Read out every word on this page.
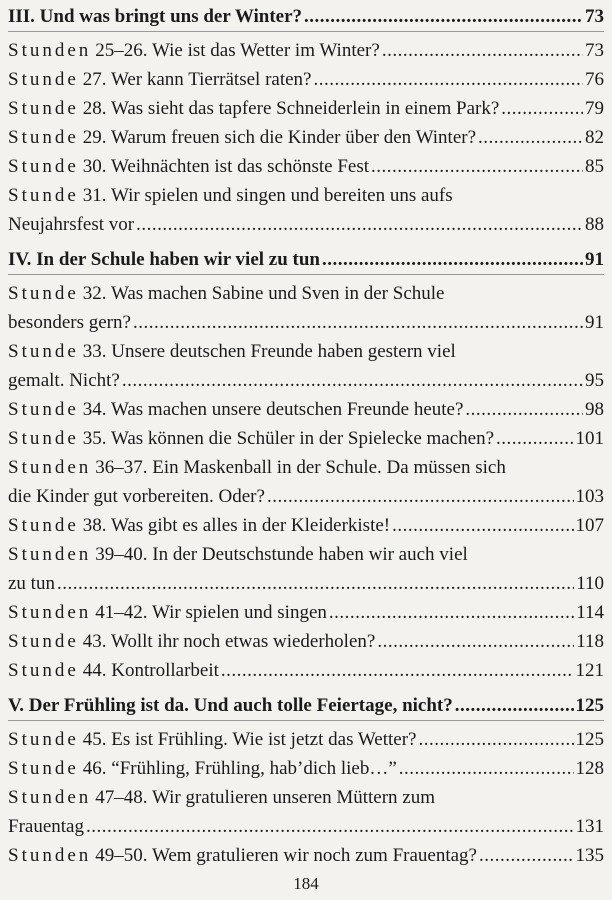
III. Und was bringt uns der Winter? .....	73
Stunden 25–26. Wie ist das Wetter im Winter? .....	73
Stunde 27. Wer kann Tierrätsel raten? .....	76
Stunde 28. Was sieht das tapfere Schneiderlein in einem Park? .....	79
Stunde 29. Warum freuen sich die Kinder über den Winter? .....	82
Stunde 30. Weihnächten ist das schönste Fest .....	85
Stunde 31. Wir spielen und singen und bereiten uns aufs
Neujahrsfest vor .....	88
IV. In der Schule haben wir viel zu tun .....	91
Stunde 32. Was machen Sabine und Sven in der Schule
besonders gern? .....	91
Stunde 33. Unsere deutschen Freunde haben gestern viel
gemalt. Nicht? .....	95
Stunde 34. Was machen unsere deutschen Freunde heute? .....	98
Stunde 35. Was können die Schüler in der Spielecke machen? .....	101
Stunden 36–37. Ein Maskenball in der Schule. Da müssen sich
die Kinder gut vorbereiten. Oder? .....	103
Stunde 38. Was gibt es alles in der Kleiderkiste! .....	107
Stunden 39–40. In der Deutschstunde haben wir auch viel
zu tun .....	110
Stunden 41–42. Wir spielen und singen .....	114
Stunde 43. Wollt ihr noch etwas wiederholen? .....	118
Stunde 44. Kontrollarbeit .....	121
V. Der Frühling ist da. Und auch tolle Feiertage, nicht? .....	125
Stunde 45. Es ist Frühling. Wie ist jetzt das Wetter? .....	125
Stunde 46. “Frühling, Frühling, hab’dich lieb…” .....	128
Stunden 47–48. Wir gratulieren unseren Müttern zum
Frauentag .....	131
Stunden 49–50. Wem gratulieren wir noch zum Frauentag? .....	135
184
